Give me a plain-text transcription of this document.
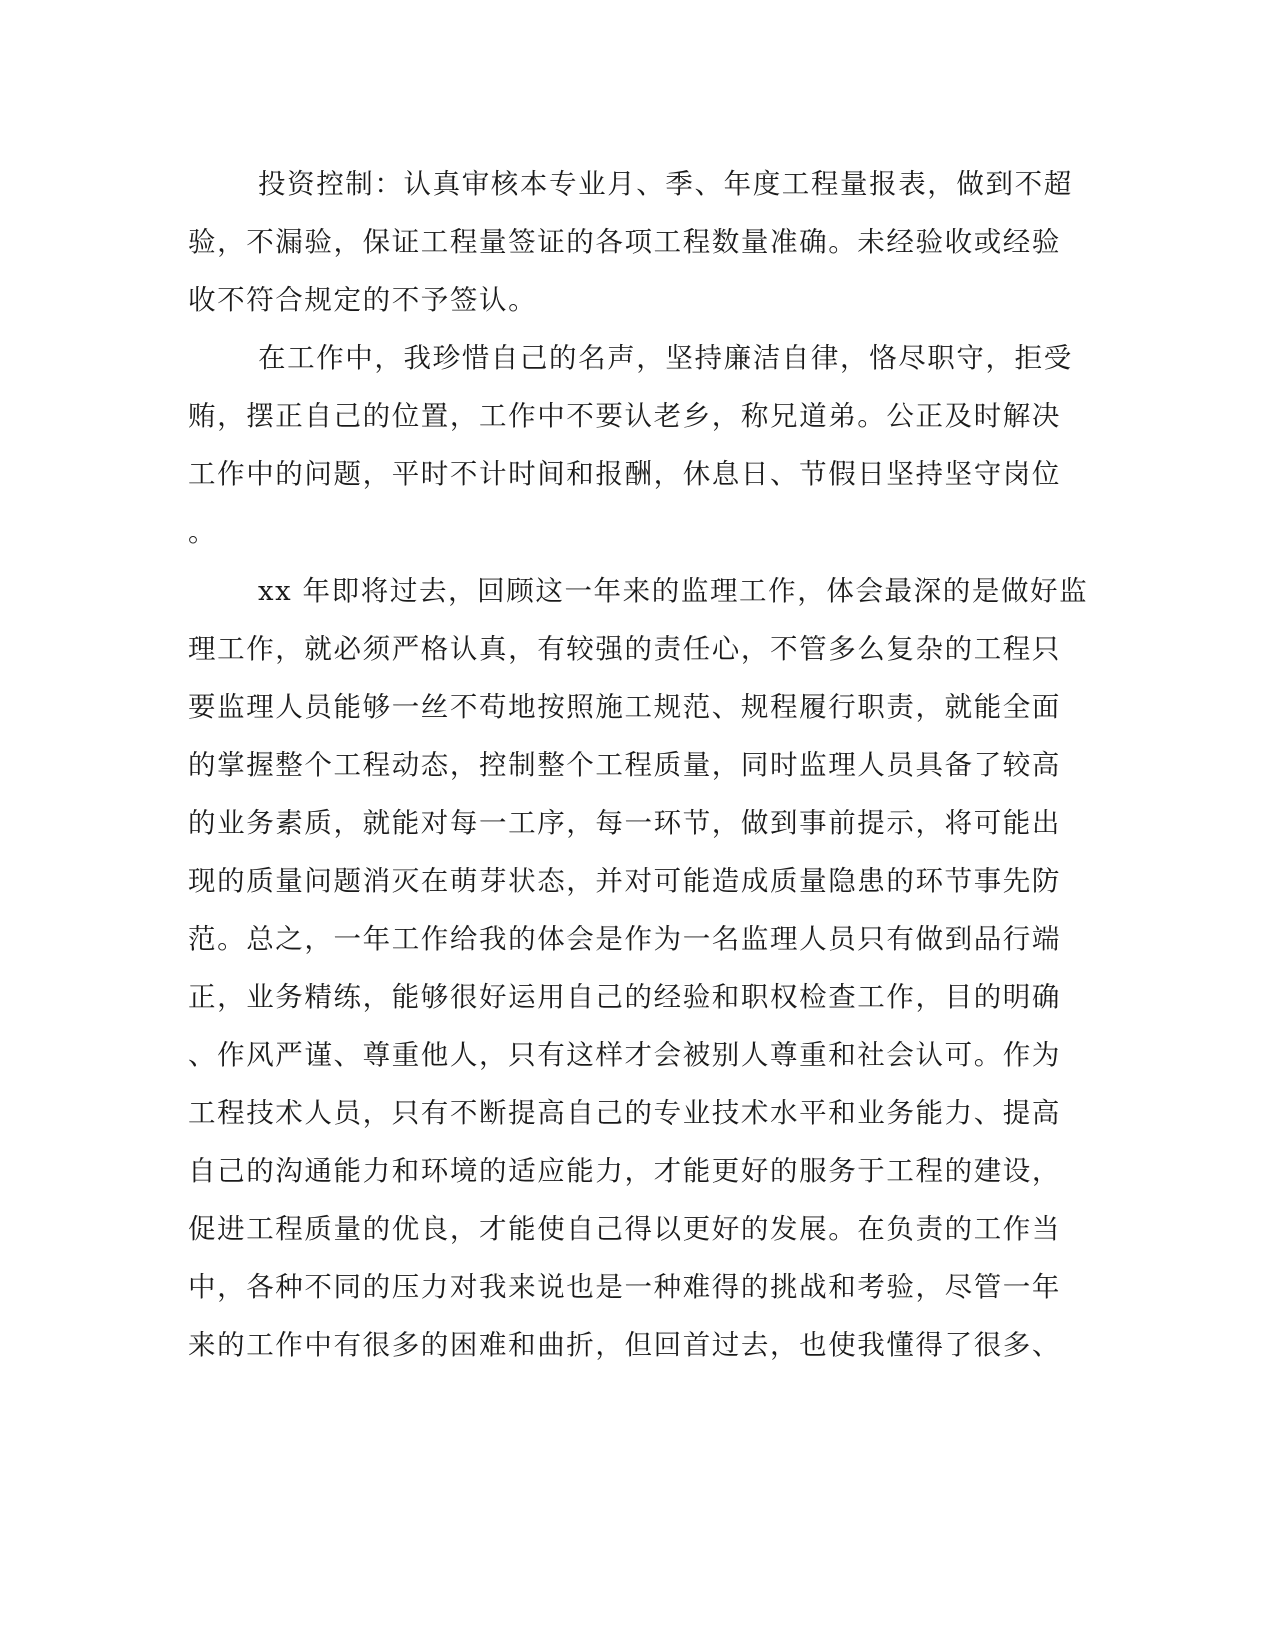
投资控制：认真审核本专业月、季、年度工程量报表，做到不超
验，不漏验，保证工程量签证的各项工程数量准确。未经验收或经验
收不符合规定的不予签认。
在工作中，我珍惜自己的名声，坚持廉洁自律，恪尽职守，拒受
贿，摆正自己的位置，工作中不要认老乡，称兄道弟。公正及时解决
工作中的问题，平时不计时间和报酬，休息日、节假日坚持坚守岗位
。
xx 年即将过去，回顾这一年来的监理工作，体会最深的是做好监
理工作，就必须严格认真，有较强的责任心，不管多么复杂的工程只
要监理人员能够一丝不苟地按照施工规范、规程履行职责，就能全面
的掌握整个工程动态，控制整个工程质量，同时监理人员具备了较高
的业务素质，就能对每一工序，每一环节，做到事前提示，将可能出
现的质量问题消灭在萌芽状态，并对可能造成质量隐患的环节事先防
范。总之，一年工作给我的体会是作为一名监理人员只有做到品行端
正，业务精练，能够很好运用自己的经验和职权检查工作，目的明确
、作风严谨、尊重他人，只有这样才会被别人尊重和社会认可。作为
工程技术人员，只有不断提高自己的专业技术水平和业务能力、提高
自己的沟通能力和环境的适应能力，才能更好的服务于工程的建设，
促进工程质量的优良，才能使自己得以更好的发展。在负责的工作当
中，各种不同的压力对我来说也是一种难得的挑战和考验，尽管一年
来的工作中有很多的困难和曲折，但回首过去，也使我懂得了很多、
